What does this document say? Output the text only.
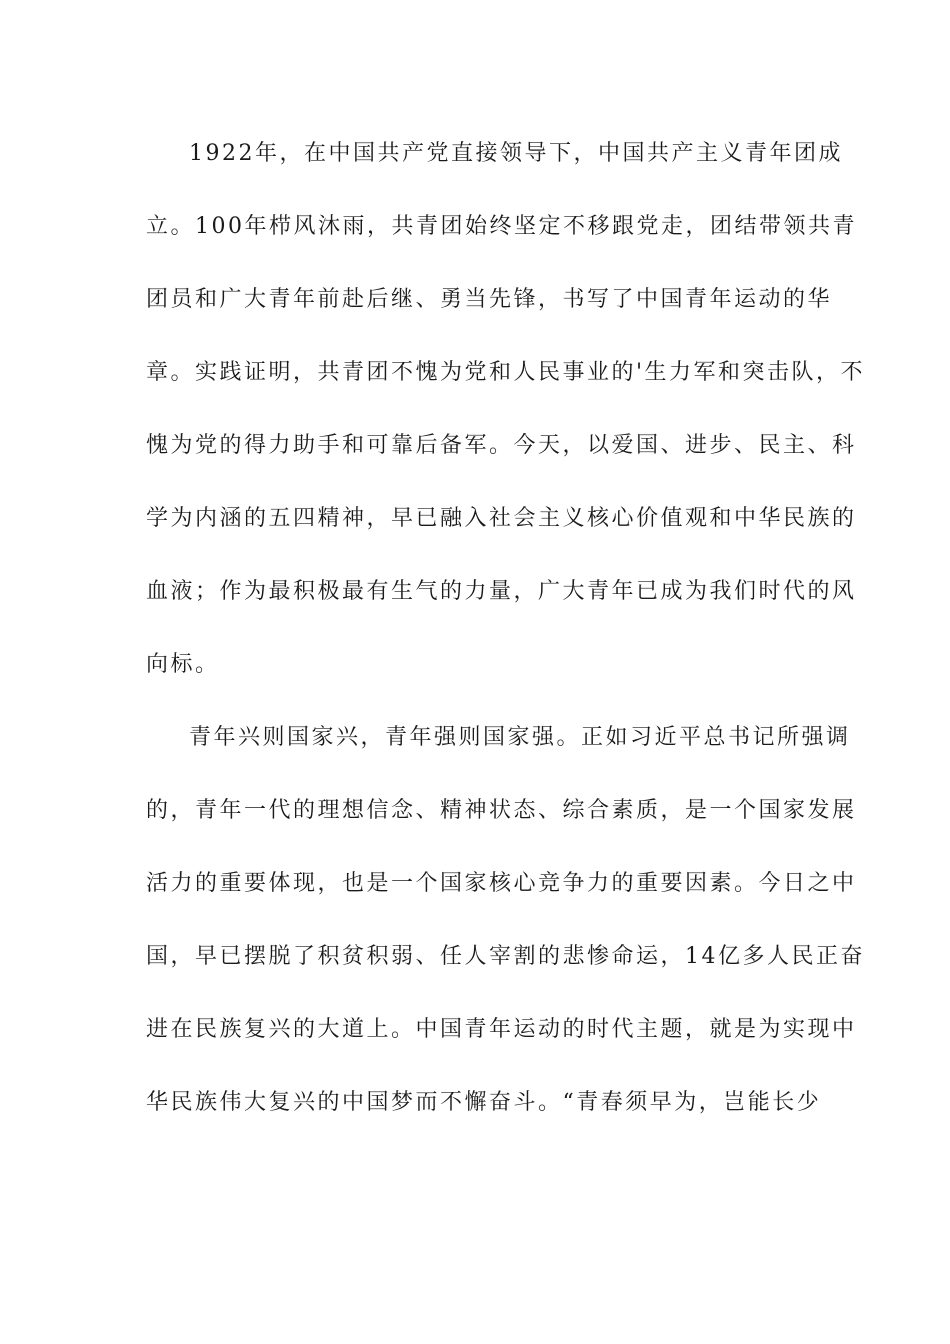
1922年，在中国共产党直接领导下，中国共产主义青年团成
立。100年栉风沐雨，共青团始终坚定不移跟党走，团结带领共青
团员和广大青年前赴后继、勇当先锋，书写了中国青年运动的华
章。实践证明，共青团不愧为党和人民事业的'生力军和突击队，不
愧为党的得力助手和可靠后备军。今天，以爱国、进步、民主、科
学为内涵的五四精神，早已融入社会主义核心价值观和中华民族的
血液；作为最积极最有生气的力量，广大青年已成为我们时代的风
向标。
青年兴则国家兴，青年强则国家强。正如习近平总书记所强调
的，青年一代的理想信念、精神状态、综合素质，是一个国家发展
活力的重要体现，也是一个国家核心竞争力的重要因素。今日之中
国，早已摆脱了积贫积弱、任人宰割的悲惨命运，14亿多人民正奋
进在民族复兴的大道上。中国青年运动的时代主题，就是为实现中
华民族伟大复兴的中国梦而不懈奋斗。“青春须早为，岂能长少
